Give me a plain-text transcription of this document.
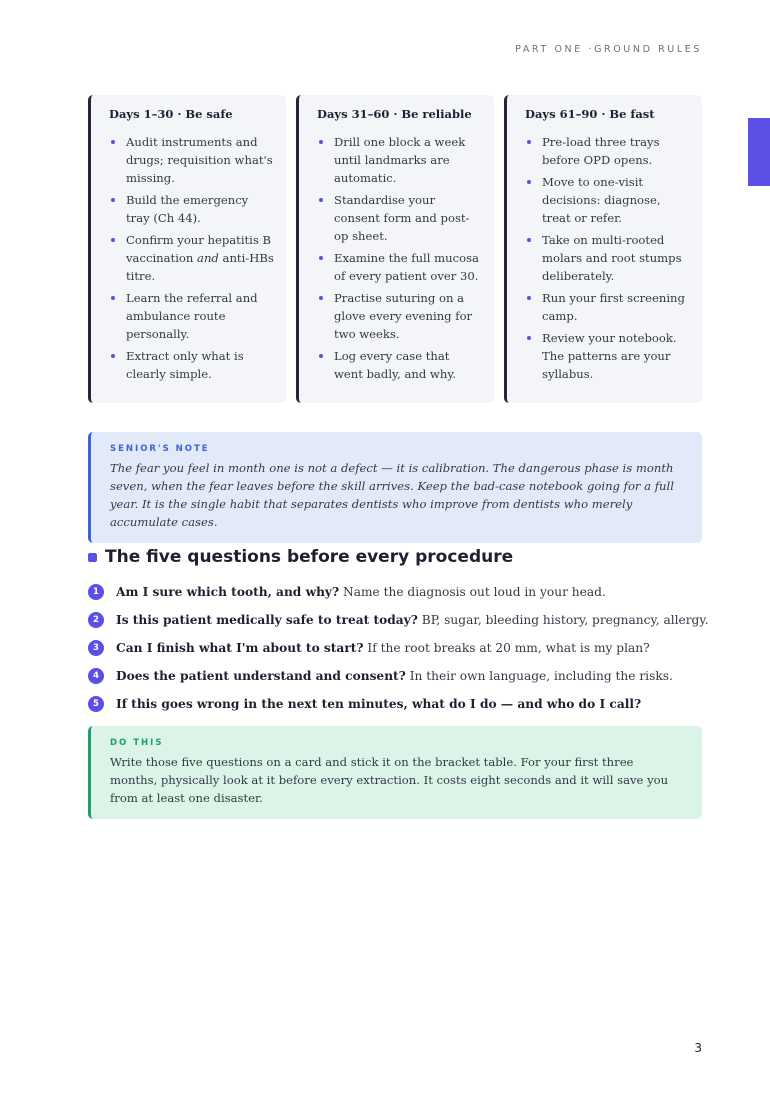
PART ONE ·GROUND RULES
Days 1–30 · Be safe
Audit instruments and drugs; requisition what's missing.
Build the emergency tray (Ch 44).
Confirm your hepatitis B vaccination and anti-HBs titre.
Learn the referral and ambulance route personally.
Extract only what is clearly simple.
Days 31–60 · Be reliable
Drill one block a week until landmarks are automatic.
Standardise your consent form and post-op sheet.
Examine the full mucosa of every patient over 30.
Practise suturing on a glove every evening for two weeks.
Log every case that went badly, and why.
Days 61–90 · Be fast
Pre-load three trays before OPD opens.
Move to one-visit decisions: diagnose, treat or refer.
Take on multi-rooted molars and root stumps deliberately.
Run your first screening camp.
Review your notebook. The patterns are your syllabus.
SENIOR'S NOTE
The fear you feel in month one is not a defect — it is calibration. The dangerous phase is month seven, when the fear leaves before the skill arrives. Keep the bad-case notebook going for a full year. It is the single habit that separates dentists who improve from dentists who merely accumulate cases.
The five questions before every procedure
1	Am I sure which tooth, and why? Name the diagnosis out loud in your head.
2	Is this patient medically safe to treat today? BP, sugar, bleeding history, pregnancy, allergy.
3	Can I finish what I'm about to start? If the root breaks at 20 mm, what is my plan?
4	Does the patient understand and consent? In their own language, including the risks.
5	If this goes wrong in the next ten minutes, what do I do — and who do I call?
DO THIS
Write those five questions on a card and stick it on the bracket table. For your first three months, physically look at it before every extraction. It costs eight seconds and it will save you from at least one disaster.
3
